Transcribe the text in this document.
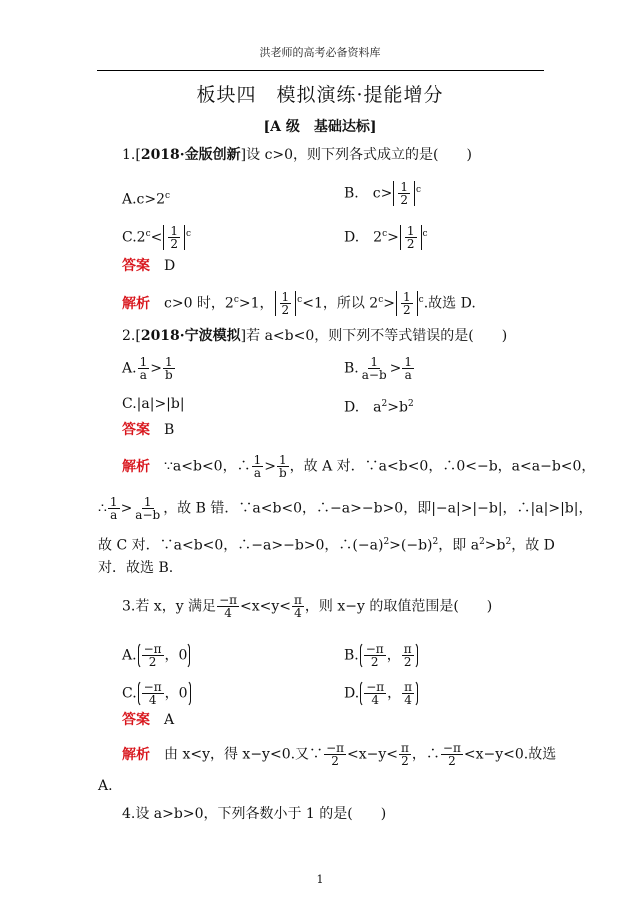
洪老师的高考必备资料库
板块四　模拟演练·提能增分
[A 级　基础达标]
1.[2018·金版创新]设 c>0，则下列各式成立的是(　　)
$A.c>2^c$	B.　$c> \frac{1}{2} ^c$
$C.2^c< \frac{1}{2} ^c$	D.　$2^c> \frac{1}{2} ^c$
答案 D
解析 c>0 时，$2^c>1$， $\frac{1}{2} ^c<1$，所以 $2^c> \frac{1}{2} ^c$.故选 D.
2.[2018·宁波模拟]若 a<b<0，则下列不等式错误的是(　　)
A. $\frac{1}{a} > \frac{1}{b}$	B. $\frac{1}{a-b} > \frac{1}{a}$
C.|a|>|b|	D.　$a^2>b^2$
答案 B
解析 ∵a<b<0，∴ $\frac{1}{a} > \frac{1}{b}$ ，故 A 对．∵a<b<0，∴0<−b，a<a−b<0，
∴ $\frac{1}{a} > \frac{1}{a-b}$ ，故 B 错．∵a<b<0，∴−a>−b>0，即|−a|>|−b|，∴|a|>|b|，
故 C 对．∵a<b<0，∴−a>−b>0，$\therefore(-a)^2>(-b)^2$，即 $a^2>b^2$，故 D
对．故选 B.
3.若 x，y 满足 $\frac{-\pi}{4} <x<y< \frac{\pi}{4}$ ，则 x−y 的取值范围是(　　)
A. $\frac{-\pi}{2}$ ，0	B. $\frac{-\pi}{2}$ ， $\frac{\pi}{2}$
C. $\frac{-\pi}{4}$ ，0	D. $\frac{-\pi}{4}$ ， $\frac{\pi}{4}$
答案 A
解析 由 x<y，得 x−y<0.又∵ $\frac{-\pi}{2} <x-y< \frac{\pi}{2}$ ，∴ $\frac{-\pi}{2} <x-y<0$.故选
A.
4.设 a>b>0，下列各数小于 1 的是(　　)
1
